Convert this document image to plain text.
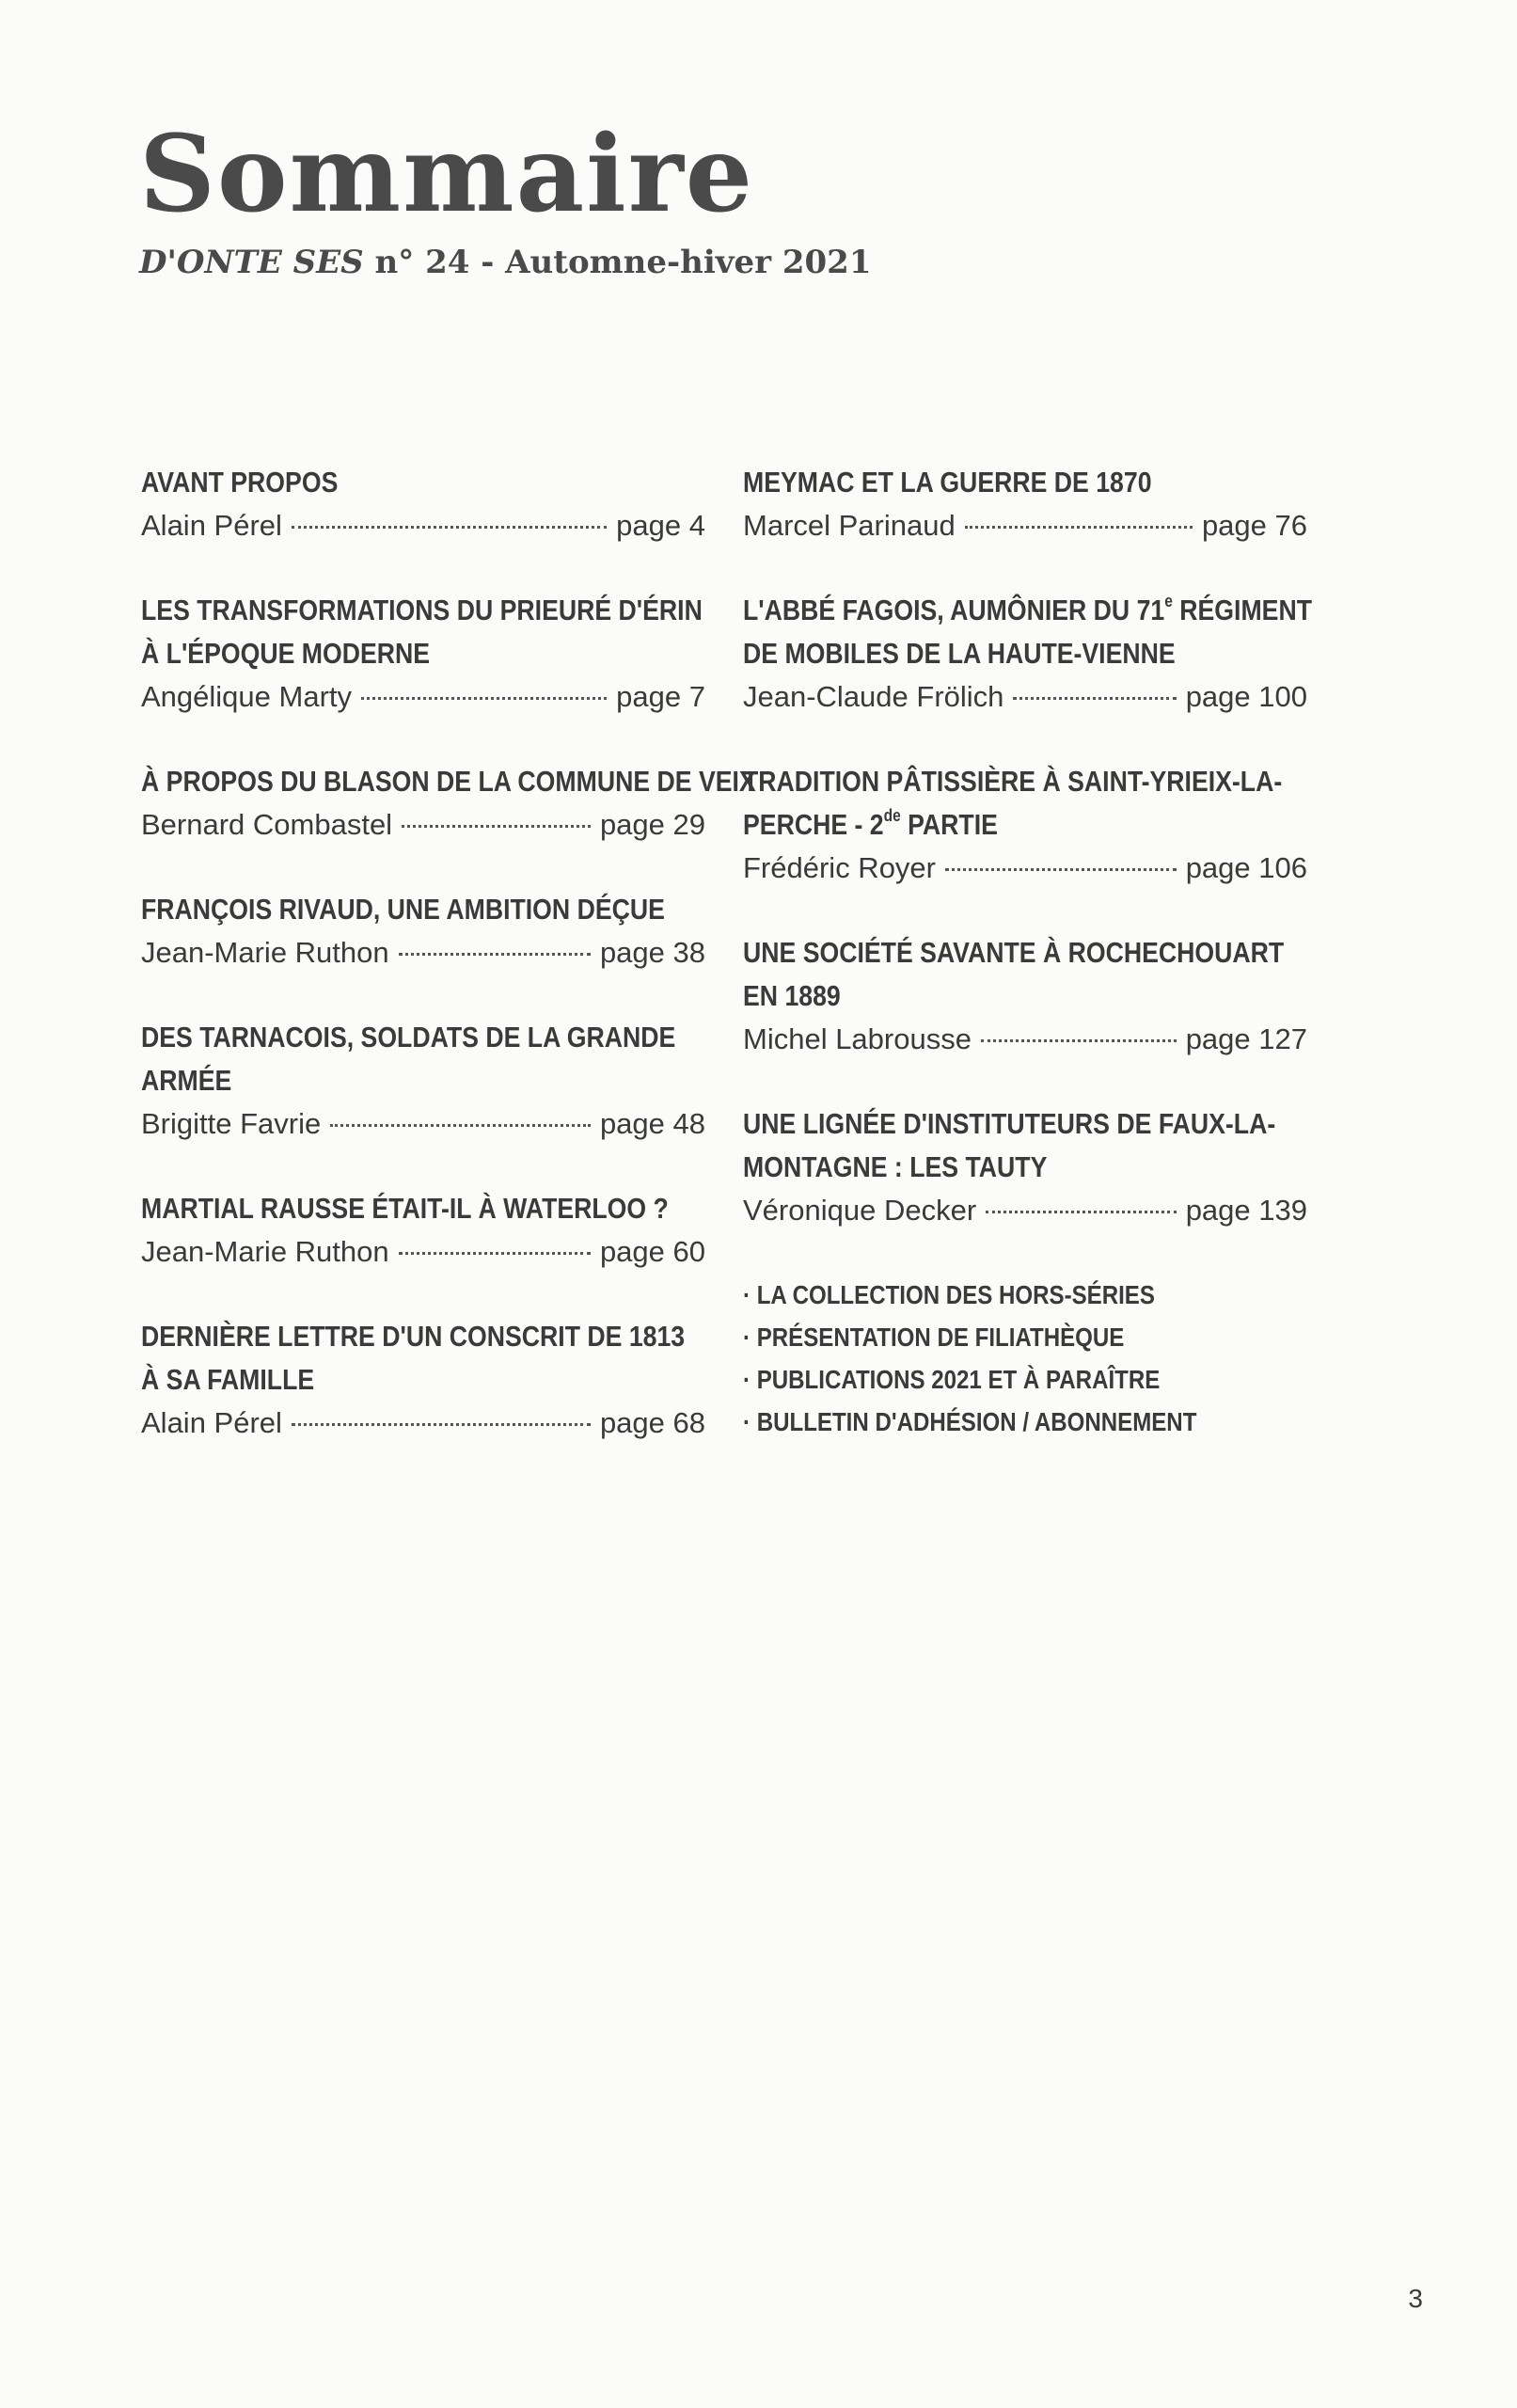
Sommaire
D'ONTE SES n° 24 - Automne-hiver 2021
AVANT PROPOS
Alain Pérel	page 4
LES TRANSFORMATIONS DU PRIEURÉ D'ÉRIN
À L'ÉPOQUE MODERNE
Angélique Marty	page 7
À PROPOS DU BLASON DE LA COMMUNE DE VEIX
Bernard Combastel	page 29
FRANÇOIS RIVAUD, UNE AMBITION DÉÇUE
Jean-Marie Ruthon	page 38
DES TARNACOIS, SOLDATS DE LA GRANDE
ARMÉE
Brigitte Favrie	page 48
MARTIAL RAUSSE ÉTAIT-IL À WATERLOO ?
Jean-Marie Ruthon	page 60
DERNIÈRE LETTRE D'UN CONSCRIT DE 1813
À SA FAMILLE
Alain Pérel	page 68
MEYMAC ET LA GUERRE DE 1870
Marcel Parinaud	page 76
L'ABBÉ FAGOIS, AUMÔNIER DU 71e RÉGIMENT
DE MOBILES DE LA HAUTE-VIENNE
Jean-Claude Frölich	page 100
TRADITION PÂTISSIÈRE À SAINT-YRIEIX-LA-
PERCHE - 2de PARTIE
Frédéric Royer	page 106
UNE SOCIÉTÉ SAVANTE À ROCHECHOUART
EN 1889
Michel Labrousse	page 127
UNE LIGNÉE D'INSTITUTEURS DE FAUX-LA-
MONTAGNE : LES TAUTY
Véronique Decker	page 139
· LA COLLECTION DES HORS-SÉRIES
· PRÉSENTATION DE FILIATHÈQUE
· PUBLICATIONS 2021 ET À PARAÎTRE
· BULLETIN D'ADHÉSION / ABONNEMENT
3
